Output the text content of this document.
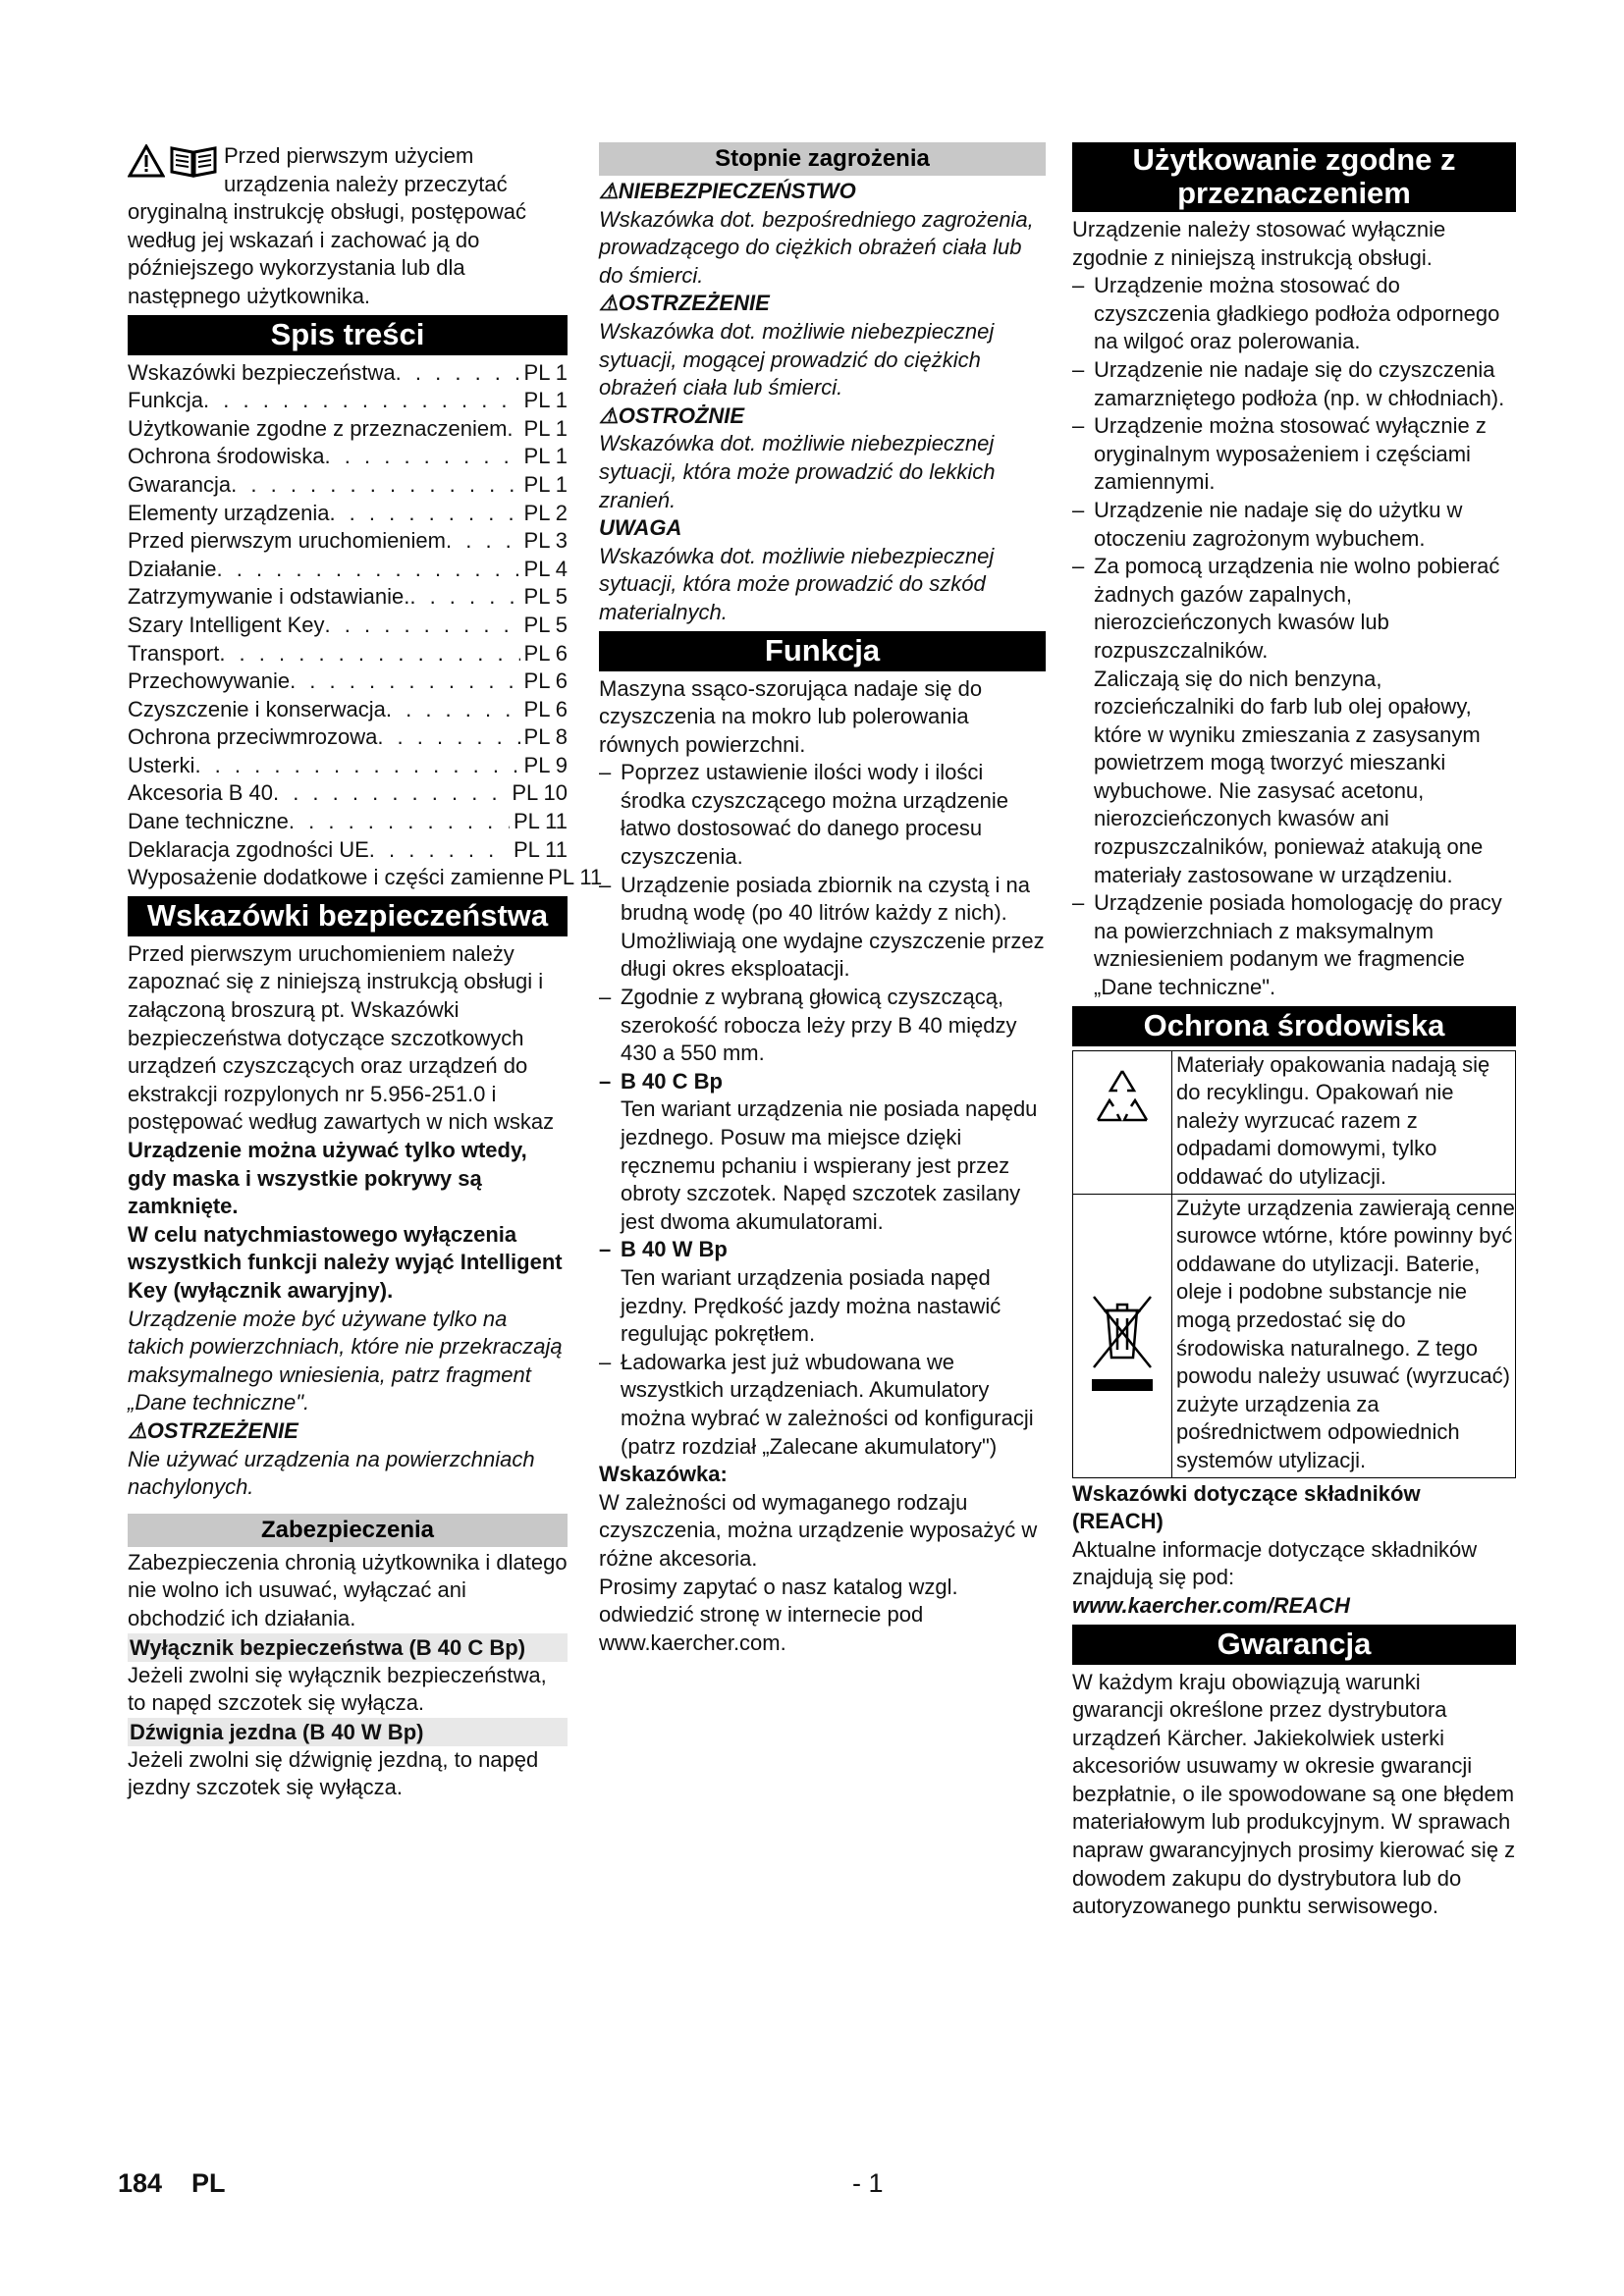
Przed pierwszym użyciem urządzenia należy przeczytać oryginalną instrukcję obsługi, postępować według jej wskazań i zachować ją do późniejszego wykorzystania lub dla następnego użytkownika.

Spis treści
Wskazówki bezpieczeństwa . . .	PL 1
Funkcja . . .	PL 1
Użytkowanie zgodne z przeznaczeniem . . . PL 1
Ochrona środowiska . . .	PL 1
Gwarancja . . .	PL 1
Elementy urządzenia . . .	PL 2
Przed pierwszym uruchomieniem . . .	PL 3
Działanie . . .	PL 4
Zatrzymywanie i odstawianie. . . .	PL 5
Szary Intelligent Key . . .	PL 5
Transport . . .	PL 6
Przechowywanie . . .	PL 6
Czyszczenie i konserwacja . . .	PL 6
Ochrona przeciwmrozowa . . .	PL 8
Usterki . . .	PL 9
Akcesoria B 40 . . .	PL 10
Dane techniczne . . .	PL 11
Deklaracja zgodności UE . . .	PL 11
Wyposażenie dodatkowe i części zamienne PL 11
Wskazówki bezpieczeństwa

Przed pierwszym uruchomieniem należy zapoznać się z niniejszą instrukcją obsługi i załączoną broszurą pt. Wskazówki bezpieczeństwa dotyczące szczotkowych urządzeń czyszczących oraz urządzeń do ekstrakcji rozpylonych nr 5.956-251.0 i postępować według zawartych w nich wskaz

Urządzenie można używać tylko wtedy, gdy maska i wszystkie pokrywy są zamknięte.

W celu natychmiastowego wyłączenia wszystkich funkcji należy wyjąć Intelligent Key (wyłącznik awaryjny).

Urządzenie może być używane tylko na takich powierzchniach, które nie przekraczają maksymalnego wniesienia, patrz fragment „Dane techniczne".

⚠OSTRZEŻENIE

Nie używać urządzenia na powierzchniach nachylonych.

Zabezpieczenia

Zabezpieczenia chronią użytkownika i dlatego nie wolno ich usuwać, wyłączać ani obchodzić ich działania.

Wyłącznik bezpieczeństwa (B 40 C Bp)

Jeżeli zwolni się wyłącznik bezpieczeństwa, to napęd szczotek się wyłącza.

Dźwignia jezdna (B 40 W Bp)

Jeżeli zwolni się dźwignię jezdną, to napęd jezdny szczotek się wyłącza.

Stopnie zagrożenia

⚠NIEBEZPIECZEŃSTWO

Wskazówka dot. bezpośredniego zagrożenia, prowadzącego do ciężkich obrażeń ciała lub do śmierci.

⚠OSTRZEŻENIE

Wskazówka dot. możliwie niebezpiecznej sytuacji, mogącej prowadzić do ciężkich obrażeń ciała lub śmierci.

⚠OSTROŻNIE

Wskazówka dot. możliwie niebezpiecznej sytuacji, która może prowadzić do lekkich zranień.

UWAGA

Wskazówka dot. możliwie niebezpiecznej sytuacji, która może prowadzić do szkód materialnych.

Funkcja

Maszyna ssąco-szorująca nadaje się do czyszczenia na mokro lub polerowania równych powierzchni.

– Poprzez ustawienie ilości wody i ilości środka czyszczącego można urządzenie łatwo dostosować do danego procesu czyszczenia.

– Urządzenie posiada zbiornik na czystą i na brudną wodę (po 40 litrów każdy z nich). Umożliwiają one wydajne czyszczenie przez długi okres eksploatacji.

– Zgodnie z wybraną głowicą czyszczącą, szerokość robocza leży przy B 40 między 430 a 550 mm.

– B 40 C Bp

Ten wariant urządzenia nie posiada napędu jezdnego. Posuw ma miejsce dzięki ręcznemu pchaniu i wspierany jest przez obroty szczotek. Napęd szczotek zasilany jest dwoma akumulatorami.

– B 40 W Bp

Ten wariant urządzenia posiada napęd jezdny. Prędkość jazdy można nastawić regulując pokrętłem.

– Ładowarka jest już wbudowana we wszystkich urządzeniach. Akumulatory można wybrać w zależności od konfiguracji (patrz rozdział „Zalecane akumulatory")

Wskazówka:

W zależności od wymaganego rodzaju czyszczenia, można urządzenie wyposażyć w różne akcesoria.

Prosimy zapytać o nasz katalog wzgl. odwiedzić stronę w internecie pod www.kaercher.com.

Użytkowanie zgodne z przeznaczeniem

Urządzenie należy stosować wyłącznie zgodnie z niniejszą instrukcją obsługi.

– Urządzenie można stosować do czyszczenia gładkiego podłoża odpornego na wilgoć oraz polerowania.

– Urządzenie nie nadaje się do czyszczenia zamarzniętego podłoża (np. w chłodniach).

– Urządzenie można stosować wyłącznie z oryginalnym wyposażeniem i częściami zamiennymi.

– Urządzenie nie nadaje się do użytku w otoczeniu zagrożonym wybuchem.

– Za pomocą urządzenia nie wolno pobierać żadnych gazów zapalnych, nierozcieńczonych kwasów lub rozpuszczalników.

Zaliczają się do nich benzyna, rozcieńczalniki do farb lub olej opałowy, które w wyniku zmieszania z zasysanym powietrzem mogą tworzyć mieszanki wybuchowe. Nie zasysać acetonu, nierozcieńczonych kwasów ani rozpuszczalników, ponieważ atakują one materiały zastosowane w urządzeniu.

– Urządzenie posiada homologację do pracy na powierzchniach z maksymalnym wzniesieniem podanym we fragmencie „Dane techniczne".

Ochrona środowiska
Materiały opakowania nadają się do recyklingu. Opakowań nie należy wyrzucać razem z odpadami domowymi, tylko oddawać do utylizacji.
Zużyte urządzenia zawierają cenne surowce wtórne, które powinny być oddawane do utylizacji. Baterie, oleje i podobne substancje nie mogą przedostać się do środowiska naturalnego. Z tego powodu należy usuwać (wyrzucać) zużyte urządzenia za pośrednictwem odpowiednich systemów utylizacji.

Wskazówki dotyczące składników (REACH)

Aktualne informacje dotyczące składników znajdują się pod:

www.kaercher.com/REACH

Gwarancja

W każdym kraju obowiązują warunki gwarancji określone przez dystrybutora urządzeń Kärcher. Jakiekolwiek usterki akcesoriów usuwamy w okresie gwarancji bezpłatnie, o ile spowodowane są one błędem materiałowym lub produkcyjnym. W sprawach napraw gwarancyjnych prosimy kierować się z dowodem zakupu do dystrybutora lub do autoryzowanego punktu serwisowego.

184 PL	- 1
